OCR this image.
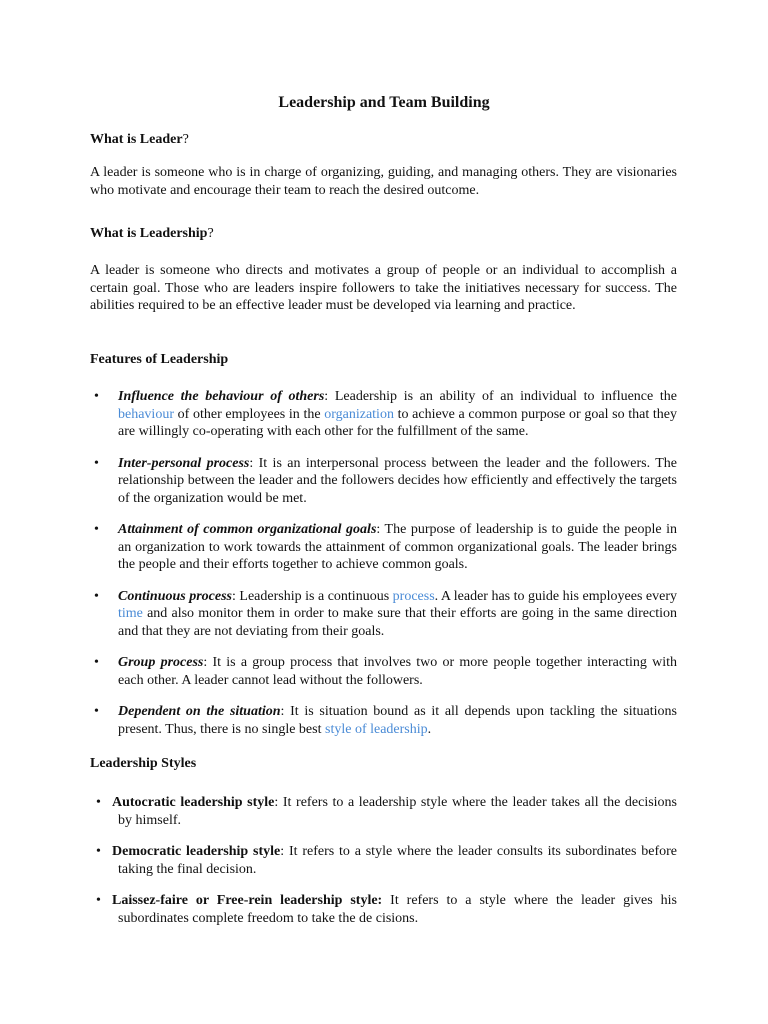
Leadership and Team Building
What is Leader?
A leader is someone who is in charge of organizing, guiding, and managing others. They are visionaries who motivate and encourage their team to reach the desired outcome.
What is Leadership?
A leader is someone who directs and motivates a group of people or an individual to accomplish a certain goal. Those who are leaders inspire followers to take the initiatives necessary for success. The abilities required to be an effective leader must be developed via learning and practice.
Features of Leadership
• Influence the behaviour of others: Leadership is an ability of an individual to influence the behaviour of other employees in the organization to achieve a common purpose or goal so that they are willingly co-operating with each other for the fulfillment of the same.
• Inter-personal process: It is an interpersonal process between the leader and the followers. The relationship between the leader and the followers decides how efficiently and effectively the targets of the organization would be met.
• Attainment of common organizational goals: The purpose of leadership is to guide the people in an organization to work towards the attainment of common organizational goals. The leader brings the people and their efforts together to achieve common goals.
• Continuous process: Leadership is a continuous process. A leader has to guide his employees every time and also monitor them in order to make sure that their efforts are going in the same direction and that they are not deviating from their goals.
• Group process: It is a group process that involves two or more people together interacting with each other. A leader cannot lead without the followers.
• Dependent on the situation: It is situation bound as it all depends upon tackling the situations present. Thus, there is no single best style of leadership.
Leadership Styles
• Autocratic leadership style: It refers to a leadership style where the leader takes all the decisions by himself.
• Democratic leadership style: It refers to a style where the leader consults its subordinates before taking the final decision.
• Laissez-faire or Free-rein leadership style: It refers to a style where the leader gives his subordinates complete freedom to take the de cisions.
